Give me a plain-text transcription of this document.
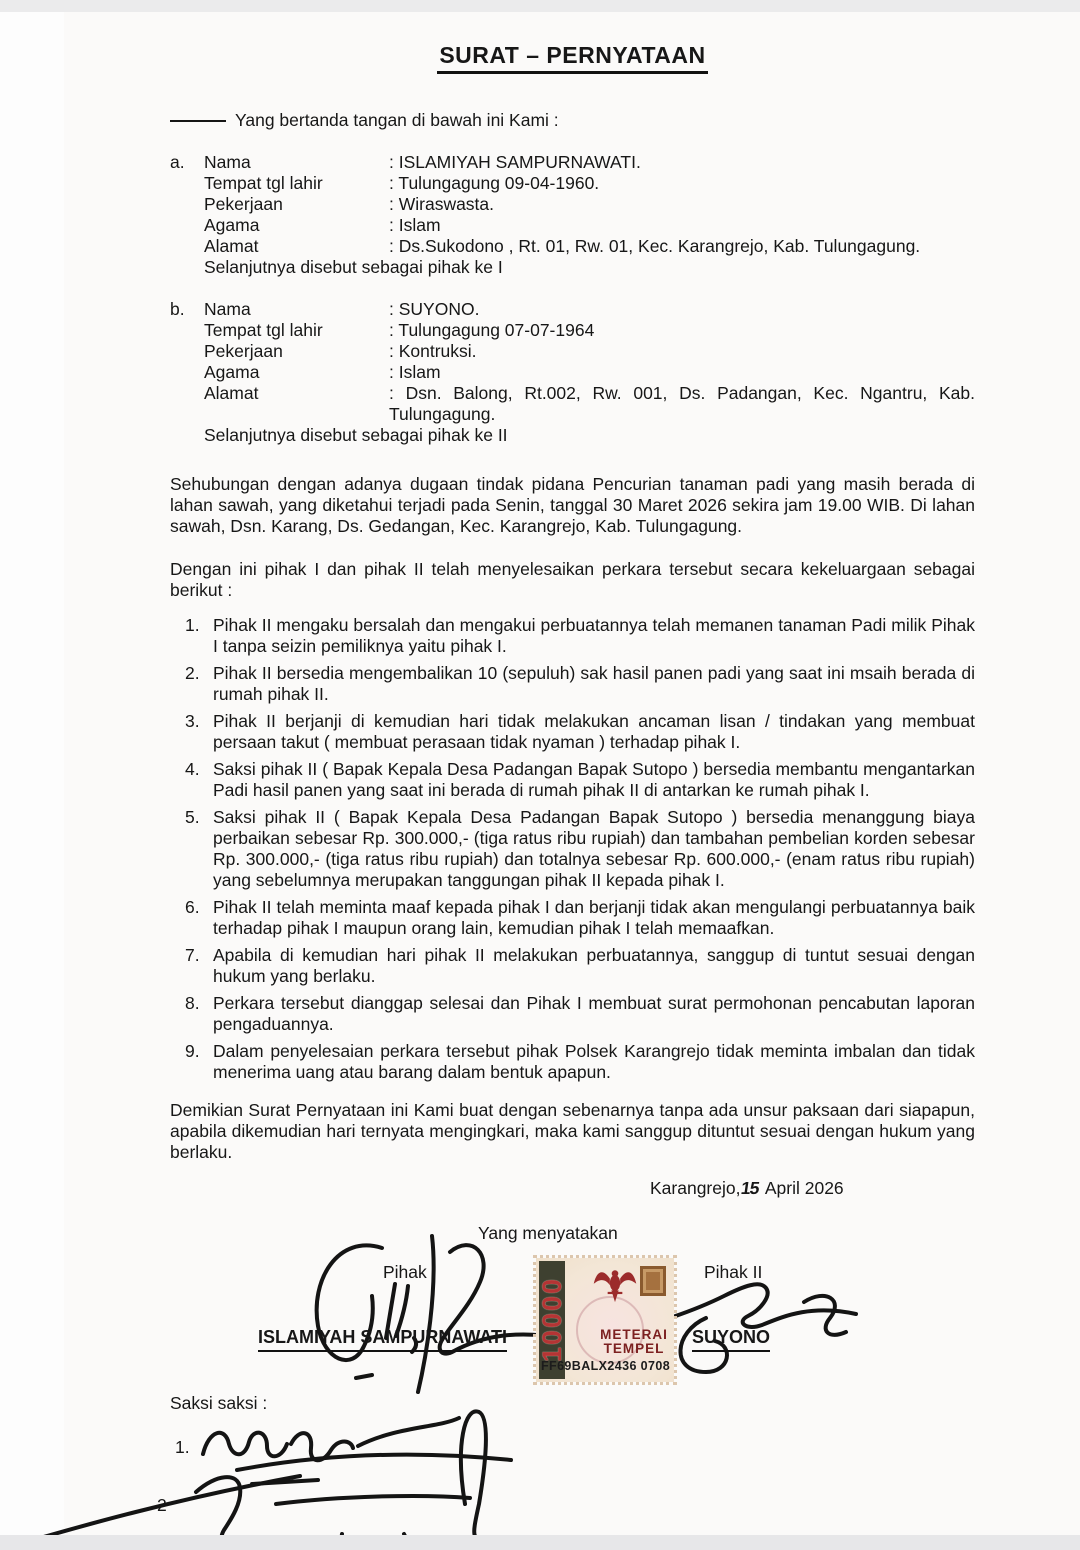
SURAT – PERNYATAAN
Yang bertanda tangan di bawah ini Kami :
a.	Nama	: ISLAMIYAH SAMPURNAWATI.
Tempat tgl lahir	: Tulungagung 09-04-1960.
Pekerjaan	: Wiraswasta.
Agama	: Islam
Alamat	: Ds.Sukodono , Rt. 01, Rw. 01, Kec. Karangrejo, Kab. Tulungagung.
Selanjutnya disebut sebagai pihak ke I
b.	Nama	: SUYONO.
Tempat tgl lahir	: Tulungagung 07-07-1964
Pekerjaan	: Kontruksi.
Agama	: Islam
Alamat	: Dsn. Balong, Rt.002, Rw. 001, Ds. Padangan, Kec. Ngantru, Kab. Tulungagung.
Selanjutnya disebut sebagai pihak ke II
Sehubungan dengan adanya dugaan tindak pidana Pencurian tanaman padi yang masih berada di lahan sawah, yang diketahui terjadi pada Senin, tanggal 30 Maret 2026 sekira jam 19.00 WIB. Di lahan sawah, Dsn. Karang, Ds. Gedangan, Kec. Karangrejo, Kab. Tulungagung.
Dengan ini pihak I dan pihak II telah menyelesaikan perkara tersebut secara kekeluargaan sebagai berikut :
1. Pihak II mengaku bersalah dan mengakui perbuatannya telah memanen tanaman Padi milik Pihak I tanpa seizin pemiliknya yaitu pihak I.
2. Pihak II bersedia mengembalikan 10 (sepuluh) sak hasil panen padi yang saat ini msaih berada di rumah pihak II.
3. Pihak II berjanji di kemudian hari tidak melakukan ancaman lisan / tindakan yang membuat persaan takut ( membuat perasaan tidak nyaman ) terhadap pihak I.
4. Saksi pihak II ( Bapak Kepala Desa Padangan Bapak Sutopo ) bersedia membantu mengantarkan Padi hasil panen yang saat ini berada di rumah pihak II di antarkan ke rumah pihak I.
5. Saksi pihak II ( Bapak Kepala Desa Padangan Bapak Sutopo ) bersedia menanggung biaya perbaikan sebesar Rp. 300.000,- (tiga ratus ribu rupiah) dan tambahan pembelian korden sebesar Rp. 300.000,- (tiga ratus ribu rupiah) dan totalnya sebesar Rp. 600.000,- (enam ratus ribu rupiah) yang sebelumnya merupakan tanggungan pihak II kepada pihak I.
6. Pihak II telah meminta maaf kepada pihak I dan berjanji tidak akan mengulangi perbuatannya baik terhadap pihak I maupun orang lain, kemudian pihak I telah memaafkan.
7. Apabila di kemudian hari pihak II melakukan perbuatannya, sanggup di tuntut sesuai dengan hukum yang berlaku.
8. Perkara tersebut dianggap selesai dan Pihak I membuat surat permohonan pencabutan laporan pengaduannya.
9. Dalam penyelesaian perkara tersebut pihak Polsek Karangrejo tidak meminta imbalan dan tidak menerima uang atau barang dalam bentuk apapun.
Demikian Surat Pernyataan ini Kami buat dengan sebenarnya tanpa ada unsur paksaan dari siapapun, apabila dikemudian hari ternyata mengingkari, maka kami sanggup dituntut sesuai dengan hukum yang berlaku.
Karangrejo,15 April 2026
Yang menyatakan
Pihak I	Pihak II
10000	METERAI
TEMPEL
FF69BALX2436 0708
ISLAMIYAH SAMPURNAWATI	SUYONO
Saksi saksi :
1.
2
